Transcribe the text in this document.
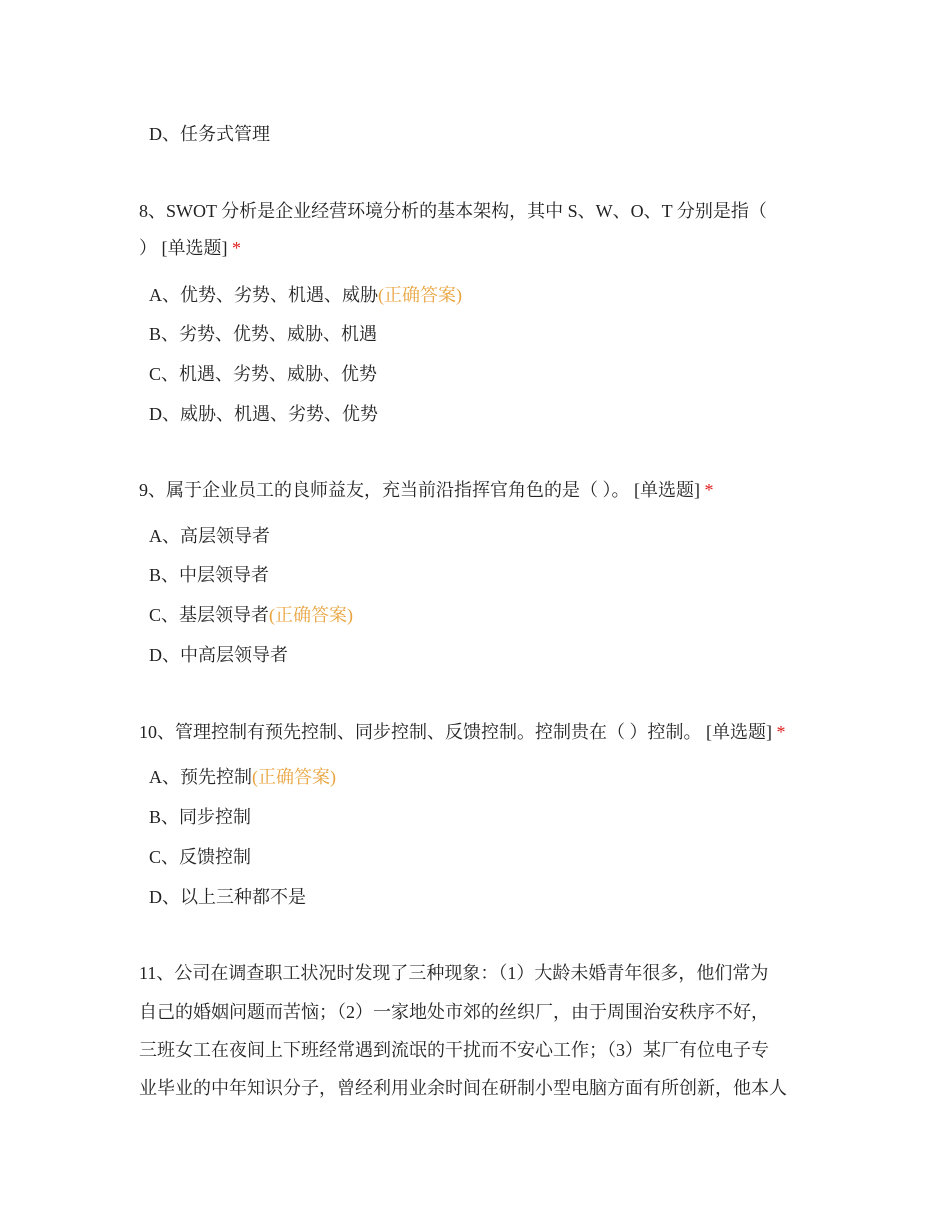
D、任务式管理
8、SWOT 分析是企业经营环境分析的基本架构，其中 S、W、O、T 分别是指（
） [单选题] *
A、优势、劣势、机遇、威胁(正确答案)
B、劣势、优势、威胁、机遇
C、机遇、劣势、威胁、优势
D、威胁、机遇、劣势、优势
9、属于企业员工的良师益友，充当前沿指挥官角色的是（ ）。 [单选题] *
A、高层领导者
B、中层领导者
C、基层领导者(正确答案)
D、中高层领导者
10、管理控制有预先控制、同步控制、反馈控制。控制贵在（ ）控制。 [单选题] *
A、预先控制(正确答案)
B、同步控制
C、反馈控制
D、以上三种都不是
11、公司在调查职工状况时发现了三种现象：（1）大龄未婚青年很多，他们常为
自己的婚姻问题而苦恼；（2）一家地处市郊的丝织厂，由于周围治安秩序不好，
三班女工在夜间上下班经常遇到流氓的干扰而不安心工作；（3）某厂有位电子专
业毕业的中年知识分子，曾经利用业余时间在研制小型电脑方面有所创新，他本人
